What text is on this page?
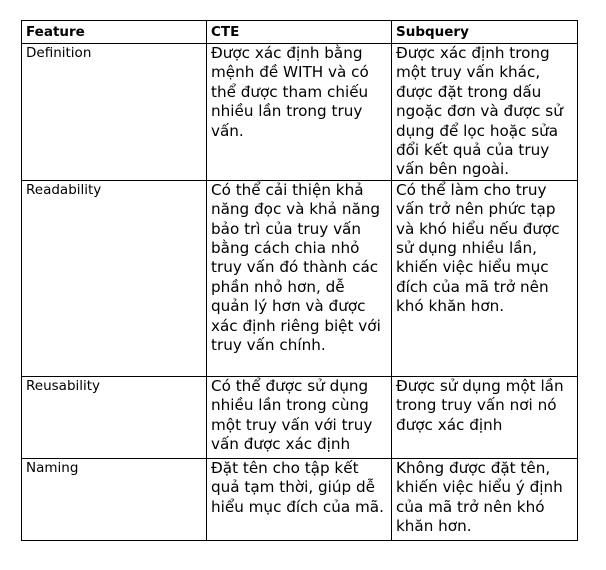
Feature	CTE	Subquery
Definition	Được xác định bằng mệnh đề WITH và có thể được tham chiếu nhiều lần trong truy vấn.	Được xác định trong một truy vấn khác, được đặt trong dấu ngoặc đơn và được sử dụng để lọc hoặc sửa đổi kết quả của truy vấn bên ngoài.
Readability	Có thể cải thiện khả năng đọc và khả năng bảo trì của truy vấn bằng cách chia nhỏ truy vấn đó thành các phần nhỏ hơn, dễ quản lý hơn và được xác định riêng biệt với truy vấn chính.	Có thể làm cho truy vấn trở nên phức tạp và khó hiểu nếu được sử dụng nhiều lần, khiến việc hiểu mục đích của mã trở nên khó khăn hơn.
Reusability	Có thể được sử dụng nhiều lần trong cùng một truy vấn với truy vấn được xác định	Được sử dụng một lần trong truy vấn nơi nó được xác định
Naming	Đặt tên cho tập kết quả tạm thời, giúp dễ hiểu mục đích của mã.	Không được đặt tên, khiến việc hiểu ý định của mã trở nên khó khăn hơn.
